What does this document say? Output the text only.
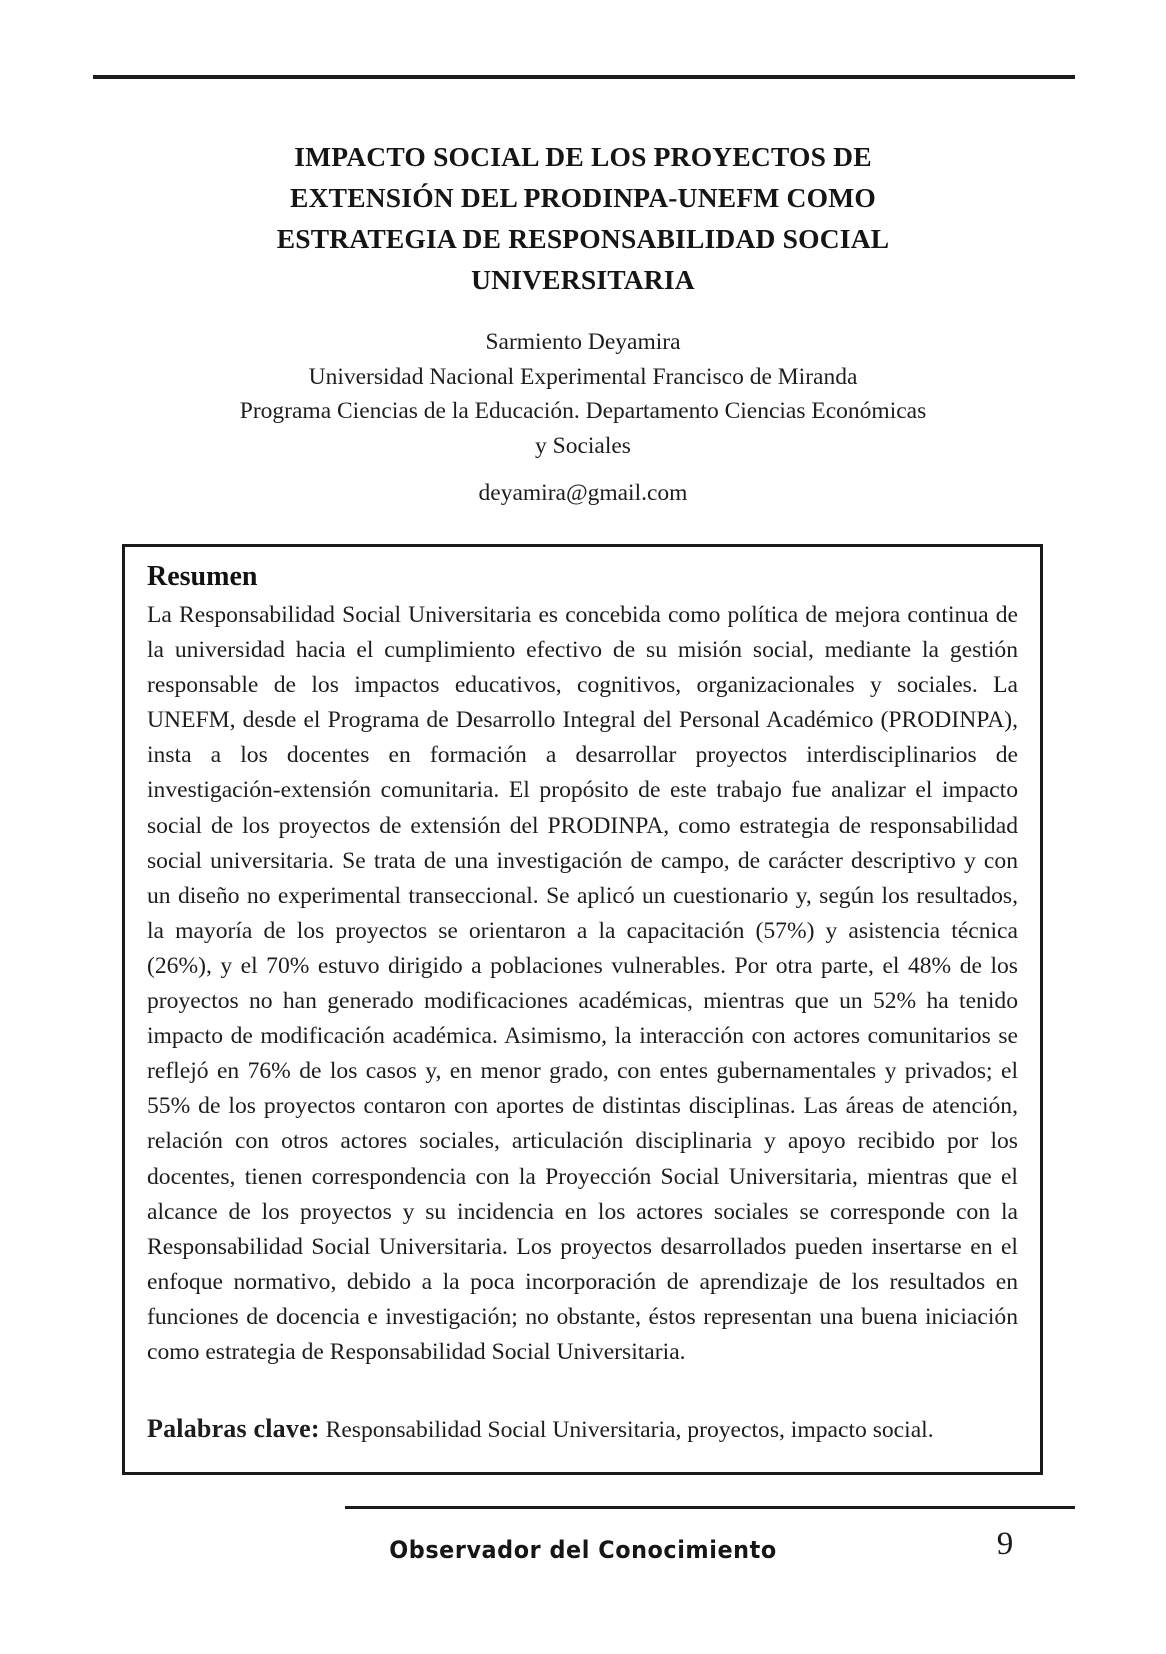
IMPACTO SOCIAL DE LOS PROYECTOS DE
EXTENSIÓN DEL PRODINPA-UNEFM COMO
ESTRATEGIA DE RESPONSABILIDAD SOCIAL
UNIVERSITARIA
Sarmiento Deyamira
Universidad Nacional Experimental Francisco de Miranda
Programa Ciencias de la Educación. Departamento Ciencias Económicas
y Sociales
deyamira@gmail.com
Resumen

La Responsabilidad Social Universitaria es concebida como política de mejora continua de la universidad hacia el cumplimiento efectivo de su misión social, mediante la gestión responsable de los impactos educativos, cognitivos, organizacionales y sociales. La UNEFM, desde el Programa de Desarrollo Integral del Personal Académico (PRODINPA), insta a los docentes en formación a desarrollar proyectos interdisciplinarios de investigación-extensión comunitaria. El propósito de este trabajo fue analizar el impacto social de los proyectos de extensión del PRODINPA, como estrategia de responsabilidad social universitaria. Se trata de una investigación de campo, de carácter descriptivo y con un diseño no experimental transeccional. Se aplicó un cuestionario y, según los resultados, la mayoría de los proyectos se orientaron a la capacitación (57%) y asistencia técnica (26%), y el 70% estuvo dirigido a poblaciones vulnerables. Por otra parte, el 48% de los proyectos no han generado modificaciones académicas, mientras que un 52% ha tenido impacto de modificación académica. Asimismo, la interacción con actores comunitarios se reflejó en 76% de los casos y, en menor grado, con entes gubernamentales y privados; el 55% de los proyectos contaron con aportes de distintas disciplinas. Las áreas de atención, relación con otros actores sociales, articulación disciplinaria y apoyo recibido por los docentes, tienen correspondencia con la Proyección Social Universitaria, mientras que el alcance de los proyectos y su incidencia en los actores sociales se corresponde con la Responsabilidad Social Universitaria. Los proyectos desarrollados pueden insertarse en el enfoque normativo, debido a la poca incorporación de aprendizaje de los resultados en funciones de docencia e investigación; no obstante, éstos representan una buena iniciación como estrategia de Responsabilidad Social Universitaria.

Palabras clave: Responsabilidad Social Universitaria, proyectos, impacto social.

Observador del Conocimiento	9
